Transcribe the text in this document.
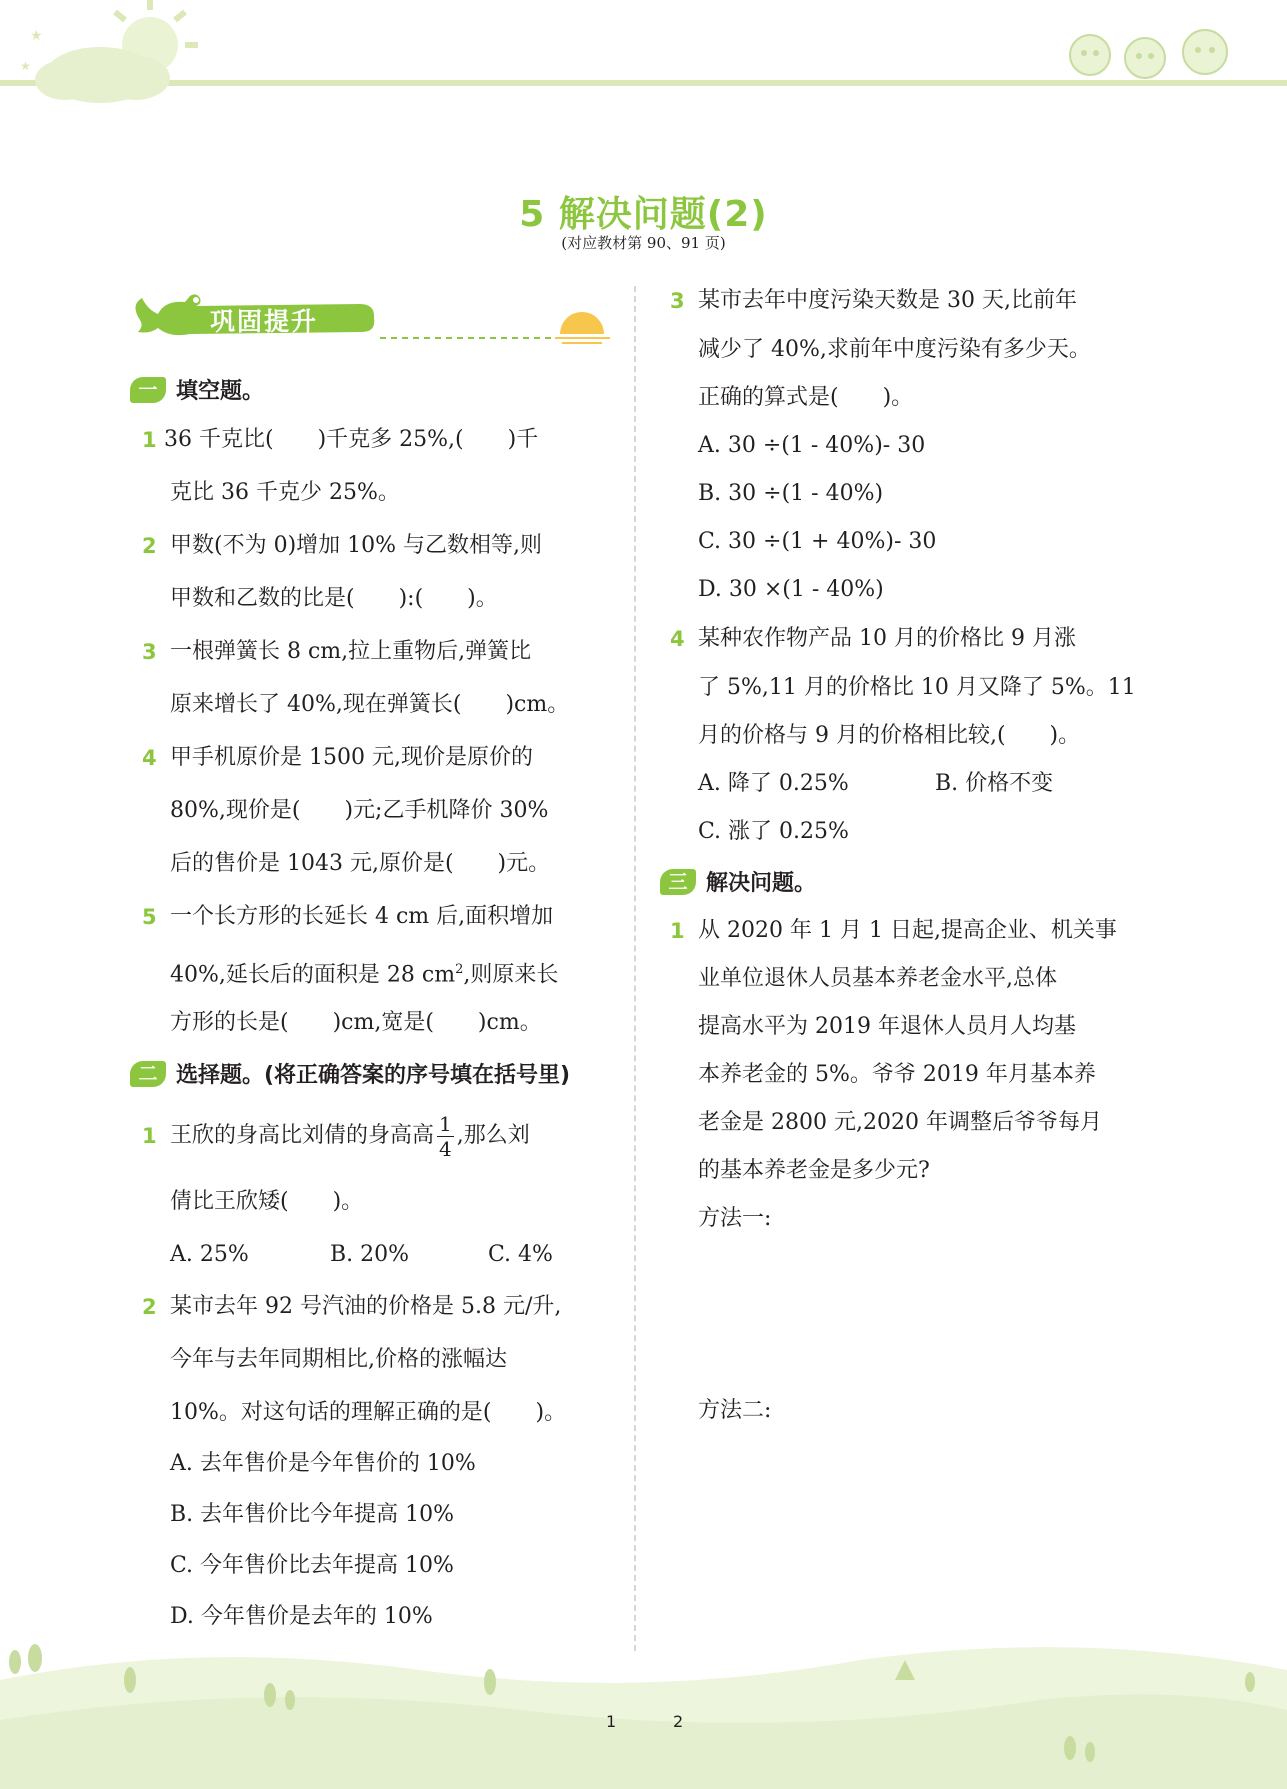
★
★
5 解决问题(2)
(对应教材第 90、91 页)
巩固提升
一 填空题。
1 36 千克比(　　)千克多 25%,(　　)千
克比 36 千克少 25%。
2 甲数(不为 0)增加 10% 与乙数相等,则
甲数和乙数的比是(　　):(　　)。
3 一根弹簧长 8 cm,拉上重物后,弹簧比
原来增长了 40%,现在弹簧长(　　)cm。
4 甲手机原价是 1500 元,现价是原价的
80%,现价是(　　)元;乙手机降价 30%
后的售价是 1043 元,原价是(　　)元。
5 一个长方形的长延长 4 cm 后,面积增加
40%,延长后的面积是 28 $cm^2$,则原来长
方形的长是(　　)cm,宽是(　　)cm。
二 选择题。(将正确答案的序号填在括号里)
1 王欣的身高比刘倩的身高高 $\frac{1}{4}$ ,那么刘
倩比王欣矮(　　)。
A. 25%	B. 20%	C. 4%
2 某市去年 92 号汽油的价格是 5.8 元/升,
今年与去年同期相比,价格的涨幅达
10%。对这句话的理解正确的是(　　)。
A. 去年售价是今年售价的 10%
B. 去年售价比今年提高 10%
C. 今年售价比去年提高 10%
D. 今年售价是去年的 10%
3 某市去年中度污染天数是 30 天,比前年
减少了 40%,求前年中度污染有多少天。
正确的算式是(　　)。
A. 30 ÷(1 - 40%)- 30
B. 30 ÷(1 - 40%)
C. 30 ÷(1 + 40%)- 30
D. 30 ×(1 - 40%)
4 某种农作物产品 10 月的价格比 9 月涨
了 5%,11 月的价格比 10 月又降了 5%。11
月的价格与 9 月的价格相比较,(　　)。
A. 降了 0.25%	B. 价格不变
C. 涨了 0.25%
三 解决问题。
1 从 2020 年 1 月 1 日起,提高企业、机关事
业单位退休人员基本养老金水平,总体
提高水平为 2019 年退休人员月人均基
本养老金的 5%。爷爷 2019 年月基本养
老金是 2800 元,2020 年调整后爷爷每月
的基本养老金是多少元?
方法一:
方法二:
1	2
